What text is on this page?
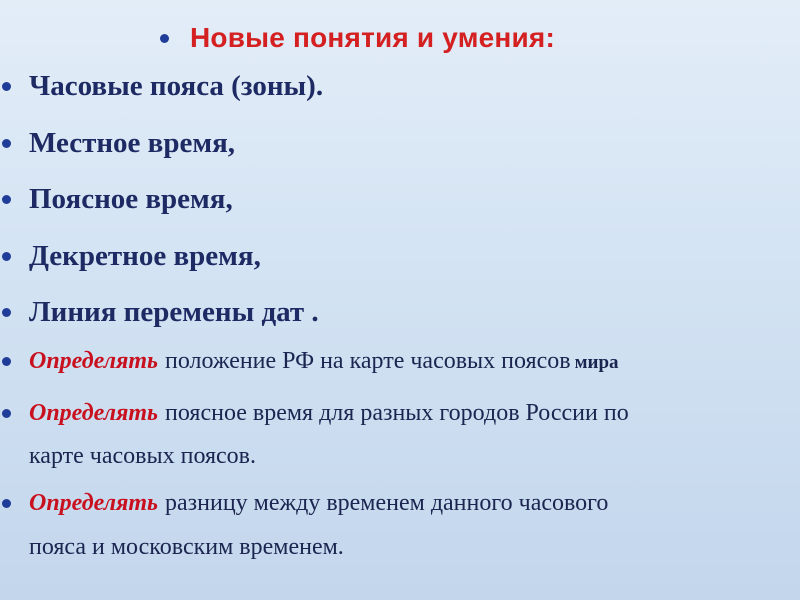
Новые понятия и умения:
Часовые пояса (зоны).
Местное время,
Поясное время,
Декретное время,
Линия перемены дат .
Определять положение РФ на карте часовых поясов мира
Определять поясное время для разных городов России по
карте часовых поясов.
Определять разницу между временем данного часового
пояса и московским временем.
